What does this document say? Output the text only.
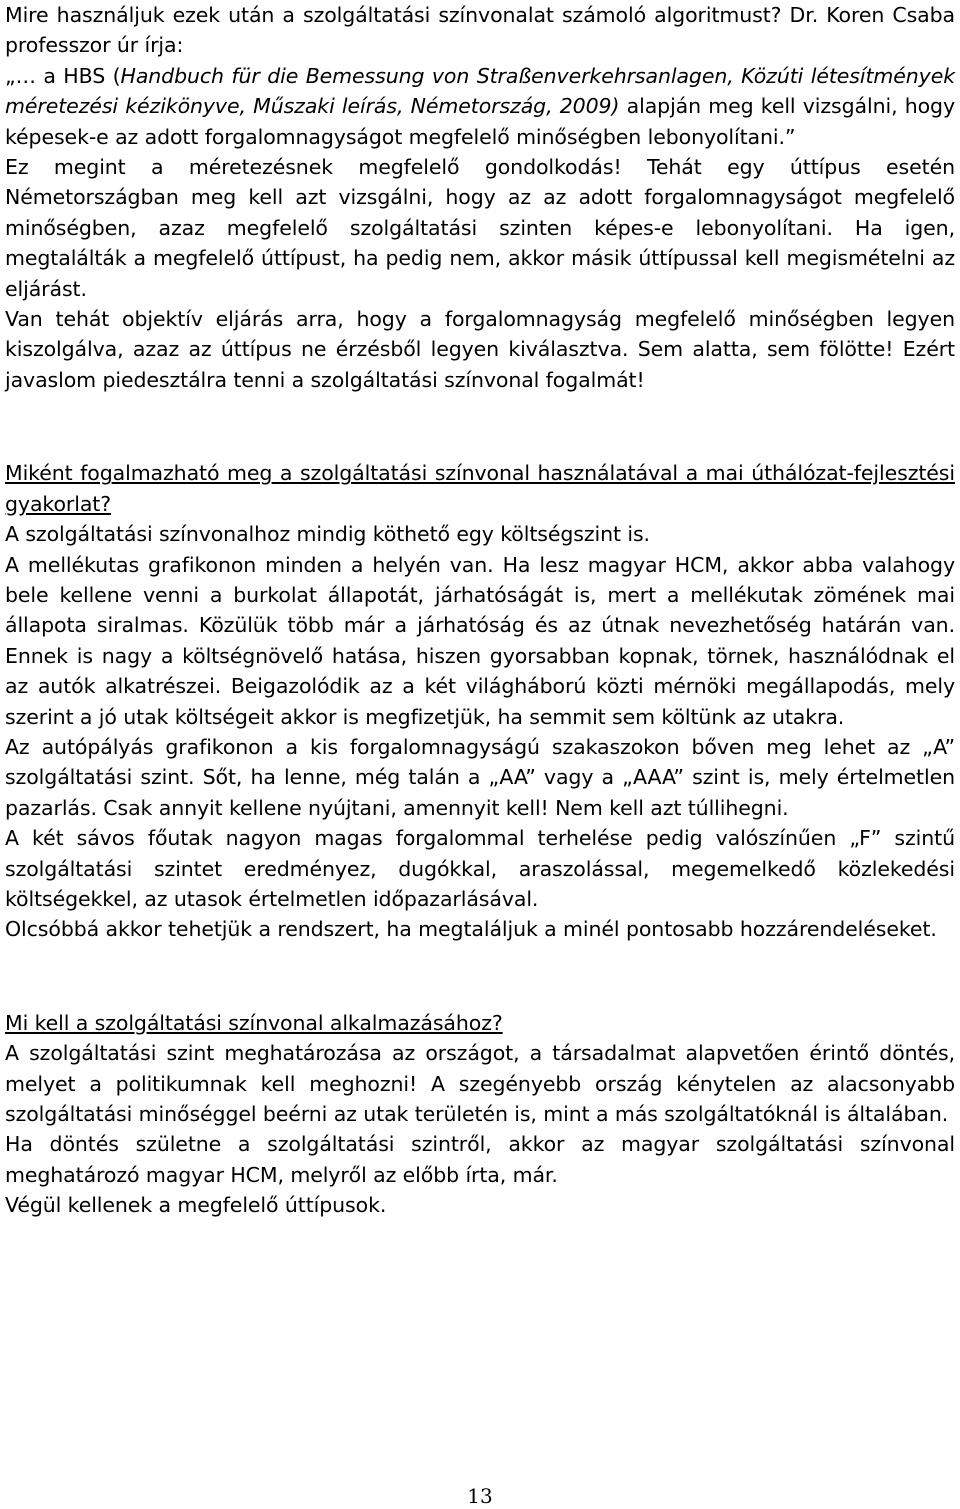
Mire használjuk ezek után a szolgáltatási színvonalat számoló algoritmust? Dr. Koren Csaba professzor úr írja:

„… a HBS (Handbuch für die Bemessung von Straßenverkehrsanlagen, Közúti létesítmények méretezési kézikönyve, Műszaki leírás, Németország, 2009) alapján meg kell vizsgálni, hogy képesek-e az adott forgalomnagyságot megfelelő minőségben lebonyolítani.”

Ez megint a méretezésnek megfelelő gondolkodás! Tehát egy úttípus esetén Németországban meg kell azt vizsgálni, hogy az az adott forgalomnagyságot megfelelő minőségben, azaz megfelelő szolgáltatási szinten képes-e lebonyolítani. Ha igen, megtalálták a megfelelő úttípust, ha pedig nem, akkor másik úttípussal kell megismételni az eljárást.

Van tehát objektív eljárás arra, hogy a forgalomnagyság megfelelő minőségben legyen kiszolgálva, azaz az úttípus ne érzésből legyen kiválasztva. Sem alatta, sem fölötte! Ezért javaslom piedesztálra tenni a szolgáltatási színvonal fogalmát!

Miként fogalmazható meg a szolgáltatási színvonal használatával a mai úthálózat-fejlesztési gyakorlat?

A szolgáltatási színvonalhoz mindig köthető egy költségszint is.

A mellékutas grafikonon minden a helyén van. Ha lesz magyar HCM, akkor abba valahogy bele kellene venni a burkolat állapotát, járhatóságát is, mert a mellékutak zömének mai állapota siralmas. Közülük több már a járhatóság és az útnak nevezhetőség határán van. Ennek is nagy a költségnövelő hatása, hiszen gyorsabban kopnak, törnek, használódnak el az autók alkatrészei. Beigazolódik az a két világháború közti mérnöki megállapodás, mely szerint a jó utak költségeit akkor is megfizetjük, ha semmit sem költünk az utakra.

Az autópályás grafikonon a kis forgalomnagyságú szakaszokon bőven meg lehet az „A” szolgáltatási szint. Sőt, ha lenne, még talán a „AA” vagy a „AAA” szint is, mely értelmetlen pazarlás. Csak annyit kellene nyújtani, amennyit kell! Nem kell azt túllihegni.

A két sávos főutak nagyon magas forgalommal terhelése pedig valószínűen „F” szintű szolgáltatási szintet eredményez, dugókkal, araszolással, megemelkedő közlekedési költségekkel, az utasok értelmetlen időpazarlásával.

Olcsóbbá akkor tehetjük a rendszert, ha megtaláljuk a minél pontosabb hozzárendeléseket.

Mi kell a szolgáltatási színvonal alkalmazásához?

A szolgáltatási szint meghatározása az országot, a társadalmat alapvetően érintő döntés, melyet a politikumnak kell meghozni! A szegényebb ország kénytelen az alacsonyabb szolgáltatási minőséggel beérni az utak területén is, mint a más szolgáltatóknál is általában.

Ha döntés születne a szolgáltatási szintről, akkor az magyar szolgáltatási színvonal meghatározó magyar HCM, melyről az előbb írta, már.

Végül kellenek a megfelelő úttípusok.

13
